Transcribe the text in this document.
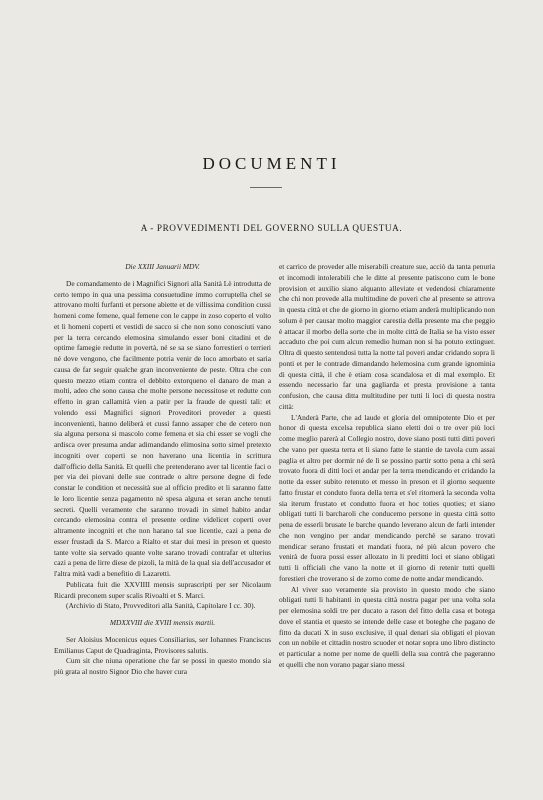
DOCUMENTI
A - PROVVEDIMENTI DEL GOVERNO SULLA QUESTUA.
Die XXIII Januarii MDV.

De comandamento de i Magnifici Signori alla Sanità Lè introdutta de certo tempo in qua una pessima consuetudine immo corruptella chel se attrovano molti furfanti et persone abiette et de villissima condition cussi homeni come femene, qual femene con le cappe in zoso coperto el volto et li homeni coperti et vestidi de sacco si che non sono conosciuti vano per la terra cercando elemosina simulando esser boni citadini et de optime famegie redutte in povertà, né se sa se siano forrestieri o terrieri né dove vengono, che facilmente potria venir de loco amorbato et saria causa de far seguir qualche gran inconveniente de peste. Oltra che con questo mezzo etiam contra el debbito extorqueno el danaro de man a molti, adeo che sono causa che molte persone necessitose et redutte con effetto in gran callamità vien a patir per la fraude de questi tali: et volendo essi Magnifici signori Proveditori proveder a questi inconvenienti, hanno deliberà et cussi fanno assaper che de cetero non sia alguna persona si mascolo come femena et sia chi esser se vogli che ardisca over presuma andar adimandando elimosina sotto simel pretexto incogniti over coperti se non haverano una licentia in scrittura dall'officio della Sanità. Et quelli che pretenderano aver tal licentie faci o per via dei piovani delle sue contrade o altre persone degne di fede constar le condition et necessità sue al officio predito et li saranno fatte le loro licentie senza pagamento nè spesa alguna et seran anche tenuti secreti. Quelli veramente che saranno trovadi in simel habito andar cercando elemosina contra el presente ordine videlicet coperti over altramente incogniti et che non harano tal sue licentie, cazi a pena de esser frustadi da S. Marco a Rialto et star dui mesi in preson et questo tante volte sia servado quante volte sarano trovadi contrafar et ulterius cazi a pena de lirre diese de pizoli, la mità de la qual sia dell'accusador et l'altra mità vadi a benefitio di Lazaretti.

Publicata fuit die XXVIIII mensis suprascripti per ser Nicolaum Ricardi preconem super scalis Rivoalti et S. Marci.

(Archivio di Stato, Provveditori alla Sanità, Capitolare I cc. 30).

MDXXVIII die XVIII mensis martii.

Ser Aloisius Mocenicus eques Consiliarius, ser Iohannes Franciscus Emilianus Caput de Quadraginta, Provisores salutis.

Cum sit che niuna operatione che far se possi in questo mondo sia più grata al nostro Signor Dio che haver cura

et carrico de proveder alle miserabili creature sue, acciò da tanta penuria et incomodi intolerabili che le ditte al presente patiscono cum le bone provision et auxilio siano alquanto alleviate et vedendosi chiaramente che chi non provede alla multitudine de poveri che al presente se attrova in questa città et che de giorno in giorno etiam anderà multiplicando non solum è per causar molto maggior carestia della presente ma che peggio è attacar il morbo della sorte che in molte città de Italia se ha visto esser accaduto che poi cum alcun remedio human non si ha potuto extinguer. Oltra di questo sentendosi tutta la notte tal poveri andar cridando sopra li ponti et per le contrade dimandando helemosina cum grande ignominia di questa città, il che è etiam cosa scandalosa et di mal exemplo. Et essendo necessario far una gagliarda et presta provisione a tanta confusion, che causa ditta multitudine per tutti li loci di questa nostra città:

L'Anderà Parte, che ad laude et gloria del omnipotente Dio et per honor di questa excelsa republica siano eletti doi o tre over più loci come meglio parerà al Collegio nostro, dove siano posti tutti ditti poveri che vano per questa terra et li siano fatte le stantie de tavola cum assai paglia et altro per dormir né de lì se possino partir sotto pena a chi serà trovato fuora di ditti loci et andar per la terra mendicando et cridando la notte da esser subito retenuto et messo in preson et il giorno sequente fatto frustar et conduto fuora della terra et s'el ritornerà la seconda volta sia iterum frustato et condutto fuora et hoc toties quoties; et siano obligati tutti li barcharoli che conducemo persone in questa città sotto pena de esserli brusate le barche quando leverano alcun de farli intender che non vengino per andar mendicando perchè se sarano trovati mendicar serano frustati et mandati fuora, né più alcun povero che venirà de fuora possi esser allozato in li preditti loci et siano obligati tutti li officiali che vano la notte et il giorno di retenir tutti quelli forestieri che troverano sì de zorno come de notte andar mendicando.

Al viver suo veramente sia provisto in questo modo che siano obligati tutti li habitanti in questa città nostra pagar per una volta sola per elemosina soldi tre per ducato a rason del fitto della casa et botega dove el stantia et questo se intende delle case et boteghe che pagano de fitto da ducati X in suso exclusive, il qual denari sia obligati el piovan con un nobile et cittadin nostro scuoder et notar sopra uno libro distincto et particular a nome per nome de quelli della sua contrà che pageranno et quelli che non vorano pagar siano messi
